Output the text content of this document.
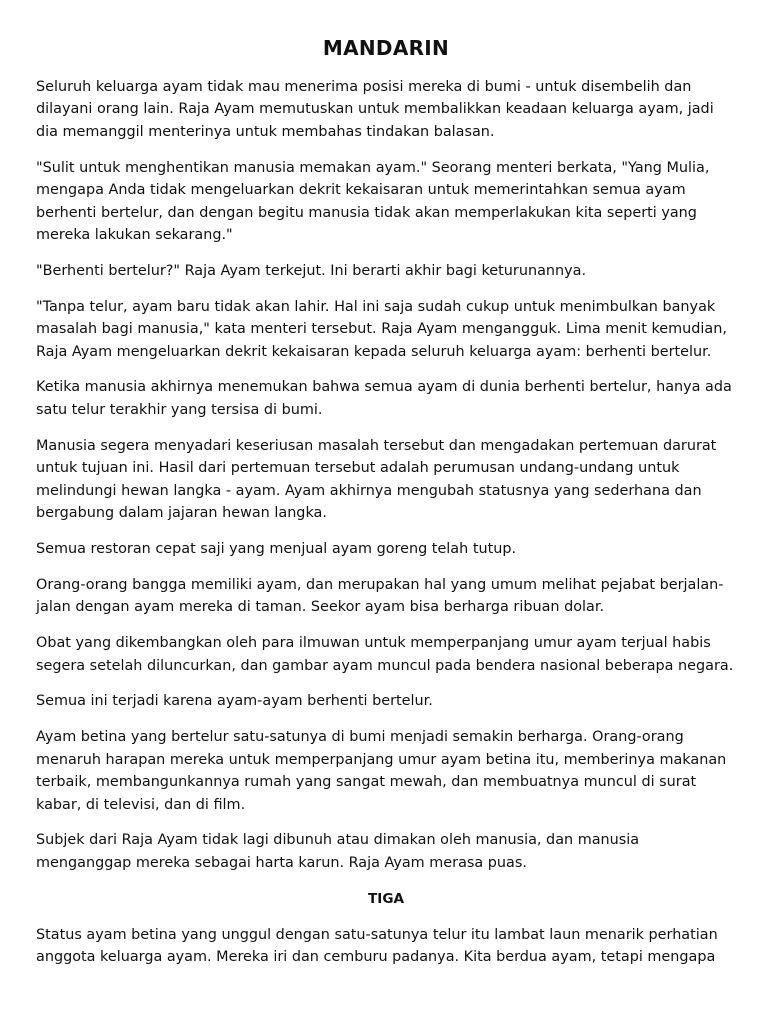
MANDARIN

Seluruh keluarga ayam tidak mau menerima posisi mereka di bumi - untuk disembelih dan dilayani orang lain. Raja Ayam memutuskan untuk membalikkan keadaan keluarga ayam, jadi dia memanggil menterinya untuk membahas tindakan balasan.

"Sulit untuk menghentikan manusia memakan ayam." Seorang menteri berkata, "Yang Mulia, mengapa Anda tidak mengeluarkan dekrit kekaisaran untuk memerintahkan semua ayam berhenti bertelur, dan dengan begitu manusia tidak akan memperlakukan kita seperti yang mereka lakukan sekarang."

"Berhenti bertelur?" Raja Ayam terkejut. Ini berarti akhir bagi keturunannya.

"Tanpa telur, ayam baru tidak akan lahir. Hal ini saja sudah cukup untuk menimbulkan banyak masalah bagi manusia," kata menteri tersebut. Raja Ayam mengangguk. Lima menit kemudian, Raja Ayam mengeluarkan dekrit kekaisaran kepada seluruh keluarga ayam: berhenti bertelur.

Ketika manusia akhirnya menemukan bahwa semua ayam di dunia berhenti bertelur, hanya ada satu telur terakhir yang tersisa di bumi.

Manusia segera menyadari keseriusan masalah tersebut dan mengadakan pertemuan darurat untuk tujuan ini. Hasil dari pertemuan tersebut adalah perumusan undang-undang untuk melindungi hewan langka - ayam. Ayam akhirnya mengubah statusnya yang sederhana dan bergabung dalam jajaran hewan langka.

Semua restoran cepat saji yang menjual ayam goreng telah tutup.

Orang-orang bangga memiliki ayam, dan merupakan hal yang umum melihat pejabat berjalan-jalan dengan ayam mereka di taman. Seekor ayam bisa berharga ribuan dolar.

Obat yang dikembangkan oleh para ilmuwan untuk memperpanjang umur ayam terjual habis segera setelah diluncurkan, dan gambar ayam muncul pada bendera nasional beberapa negara.

Semua ini terjadi karena ayam-ayam berhenti bertelur.

Ayam betina yang bertelur satu-satunya di bumi menjadi semakin berharga. Orang-orang menaruh harapan mereka untuk memperpanjang umur ayam betina itu, memberinya makanan terbaik, membangunkannya rumah yang sangat mewah, dan membuatnya muncul di surat kabar, di televisi, dan di film.

Subjek dari Raja Ayam tidak lagi dibunuh atau dimakan oleh manusia, dan manusia menganggap mereka sebagai harta karun. Raja Ayam merasa puas.

TIGA

Status ayam betina yang unggul dengan satu-satunya telur itu lambat laun menarik perhatian anggota keluarga ayam. Mereka iri dan cemburu padanya. Kita berdua ayam, tetapi mengapa
